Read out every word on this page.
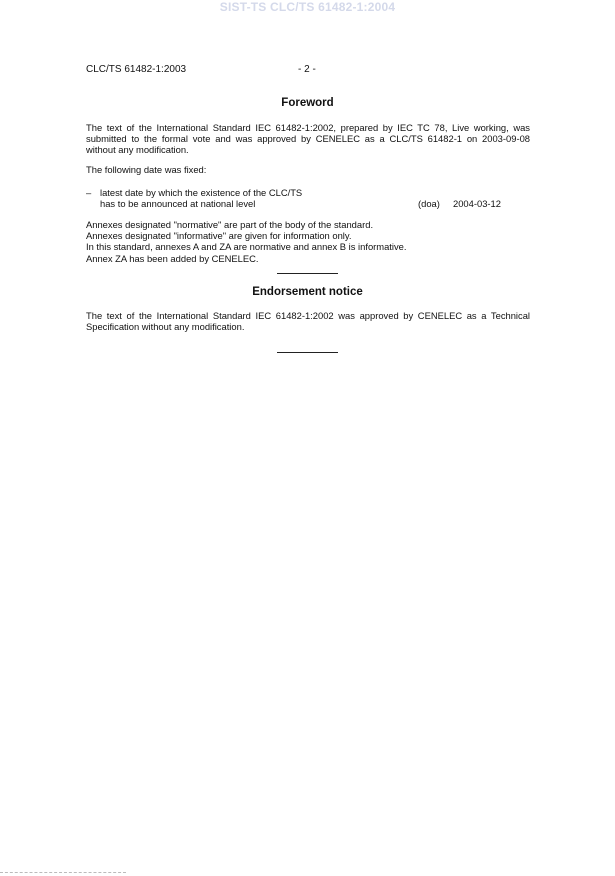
SIST-TS CLC/TS 61482-1:2004
CLC/TS 61482-1:2003	- 2 -
Foreword
The text of the International Standard IEC 61482-1:2002, prepared by IEC TC 78, Live working, was
submitted to the formal vote and was approved by CENELEC as a CLC/TS 61482-1 on 2003-09-08
without any modification.
The following date was fixed:
– latest date by which the existence of the CLC/TS
has to be announced at national level	(doa) 2004-03-12
Annexes designated "normative" are part of the body of the standard.
Annexes designated "informative" are given for information only.
In this standard, annexes A and ZA are normative and annex B is informative.
Annex ZA has been added by CENELEC.
Endorsement notice
The text of the International Standard IEC 61482-1:2002 was approved by CENELEC as a Technical
Specification without any modification.
